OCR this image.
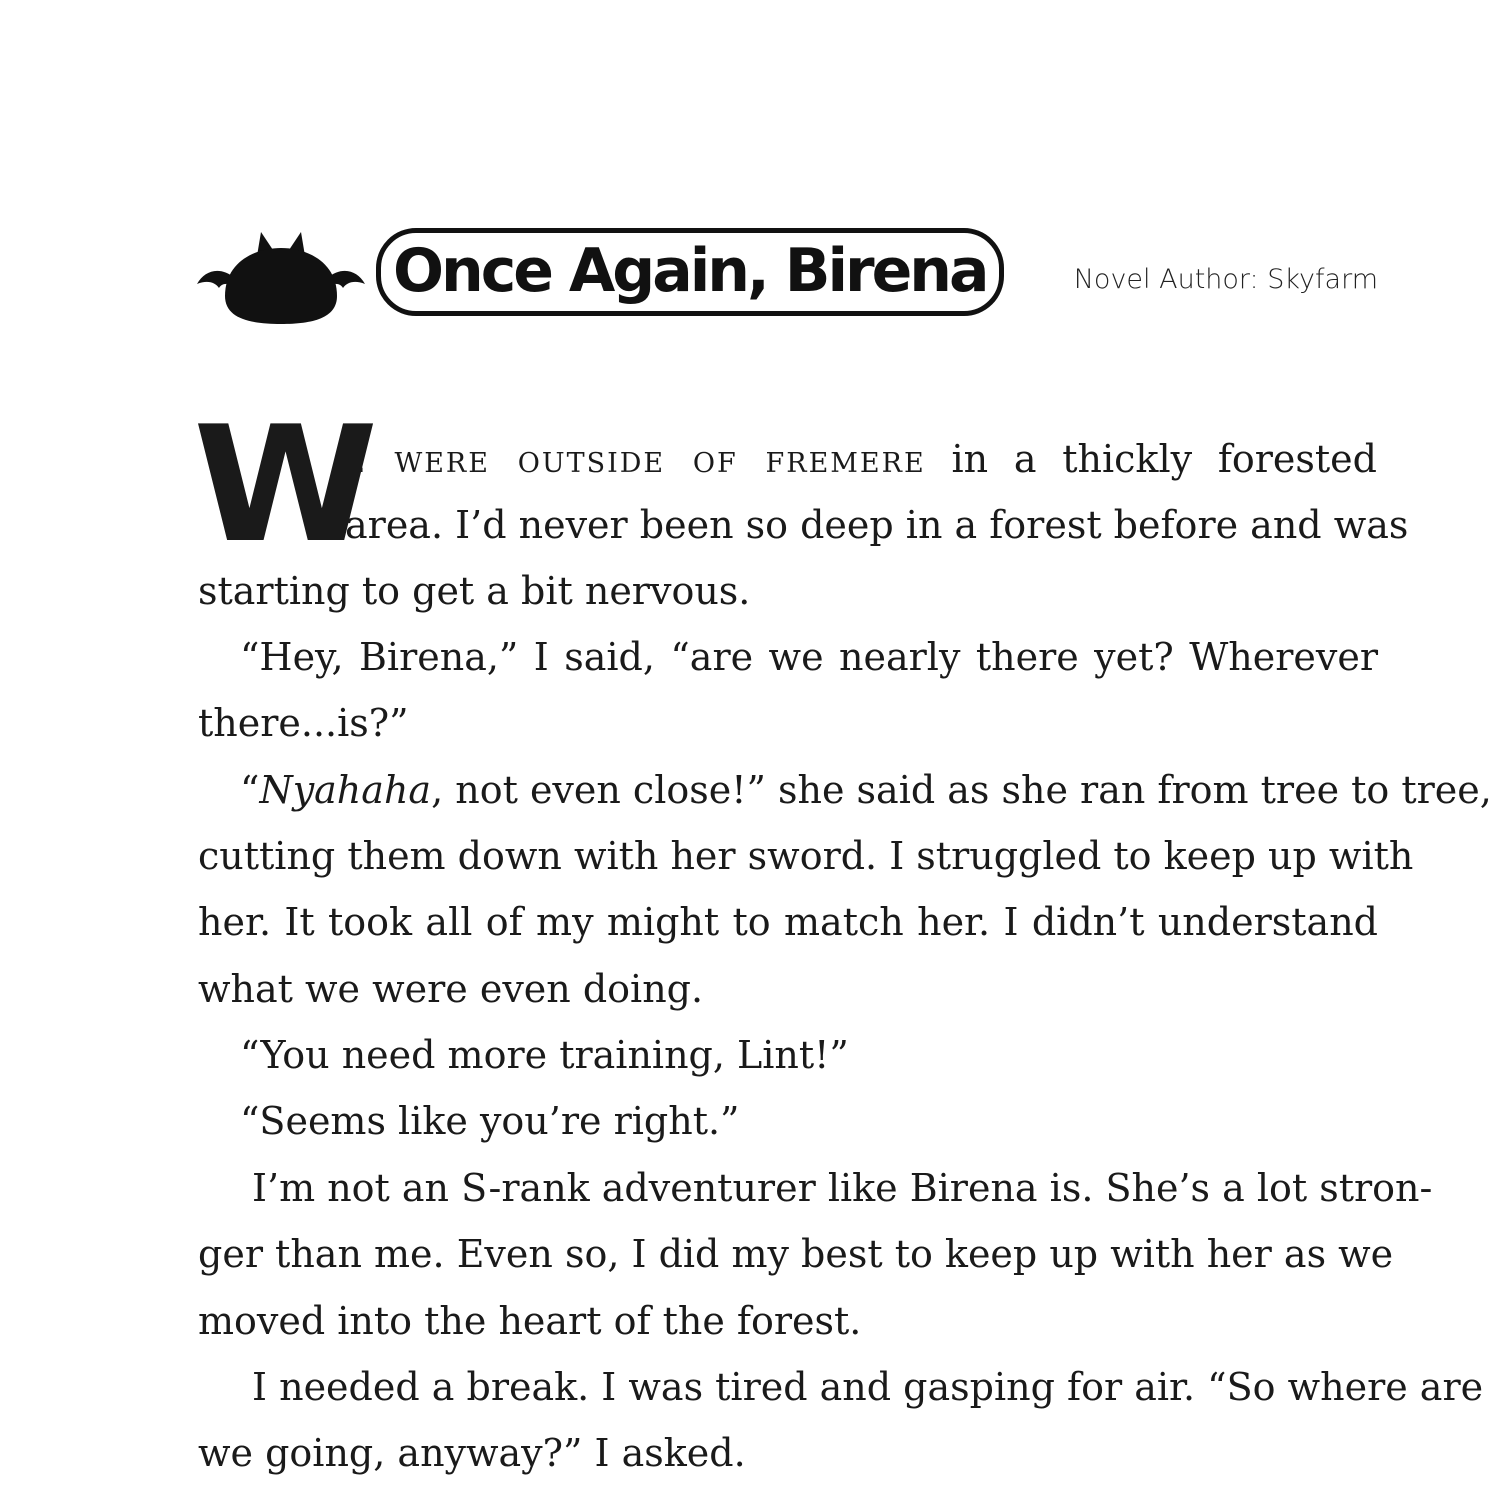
Once Again, Birena	Novel Author: Skyfarm
W
e were outside of fremere in a thickly forested
area. I’d never been so deep in a forest before and was
starting to get a bit nervous.
“Hey, Birena,” I said, “are we nearly there yet? Wherever
there...is?”
“Nyahaha, not even close!” she said as she ran from tree to tree,
cutting them down with her sword. I struggled to keep up with
her. It took all of my might to match her. I didn’t understand
what we were even doing.
“You need more training, Lint!”
“Seems like you’re right.”
I’m not an S-rank adventurer like Birena is. She’s a lot stron-
ger than me. Even so, I did my best to keep up with her as we
moved into the heart of the forest.
I needed a break. I was tired and gasping for air. “So where are
we going, anyway?” I asked.
